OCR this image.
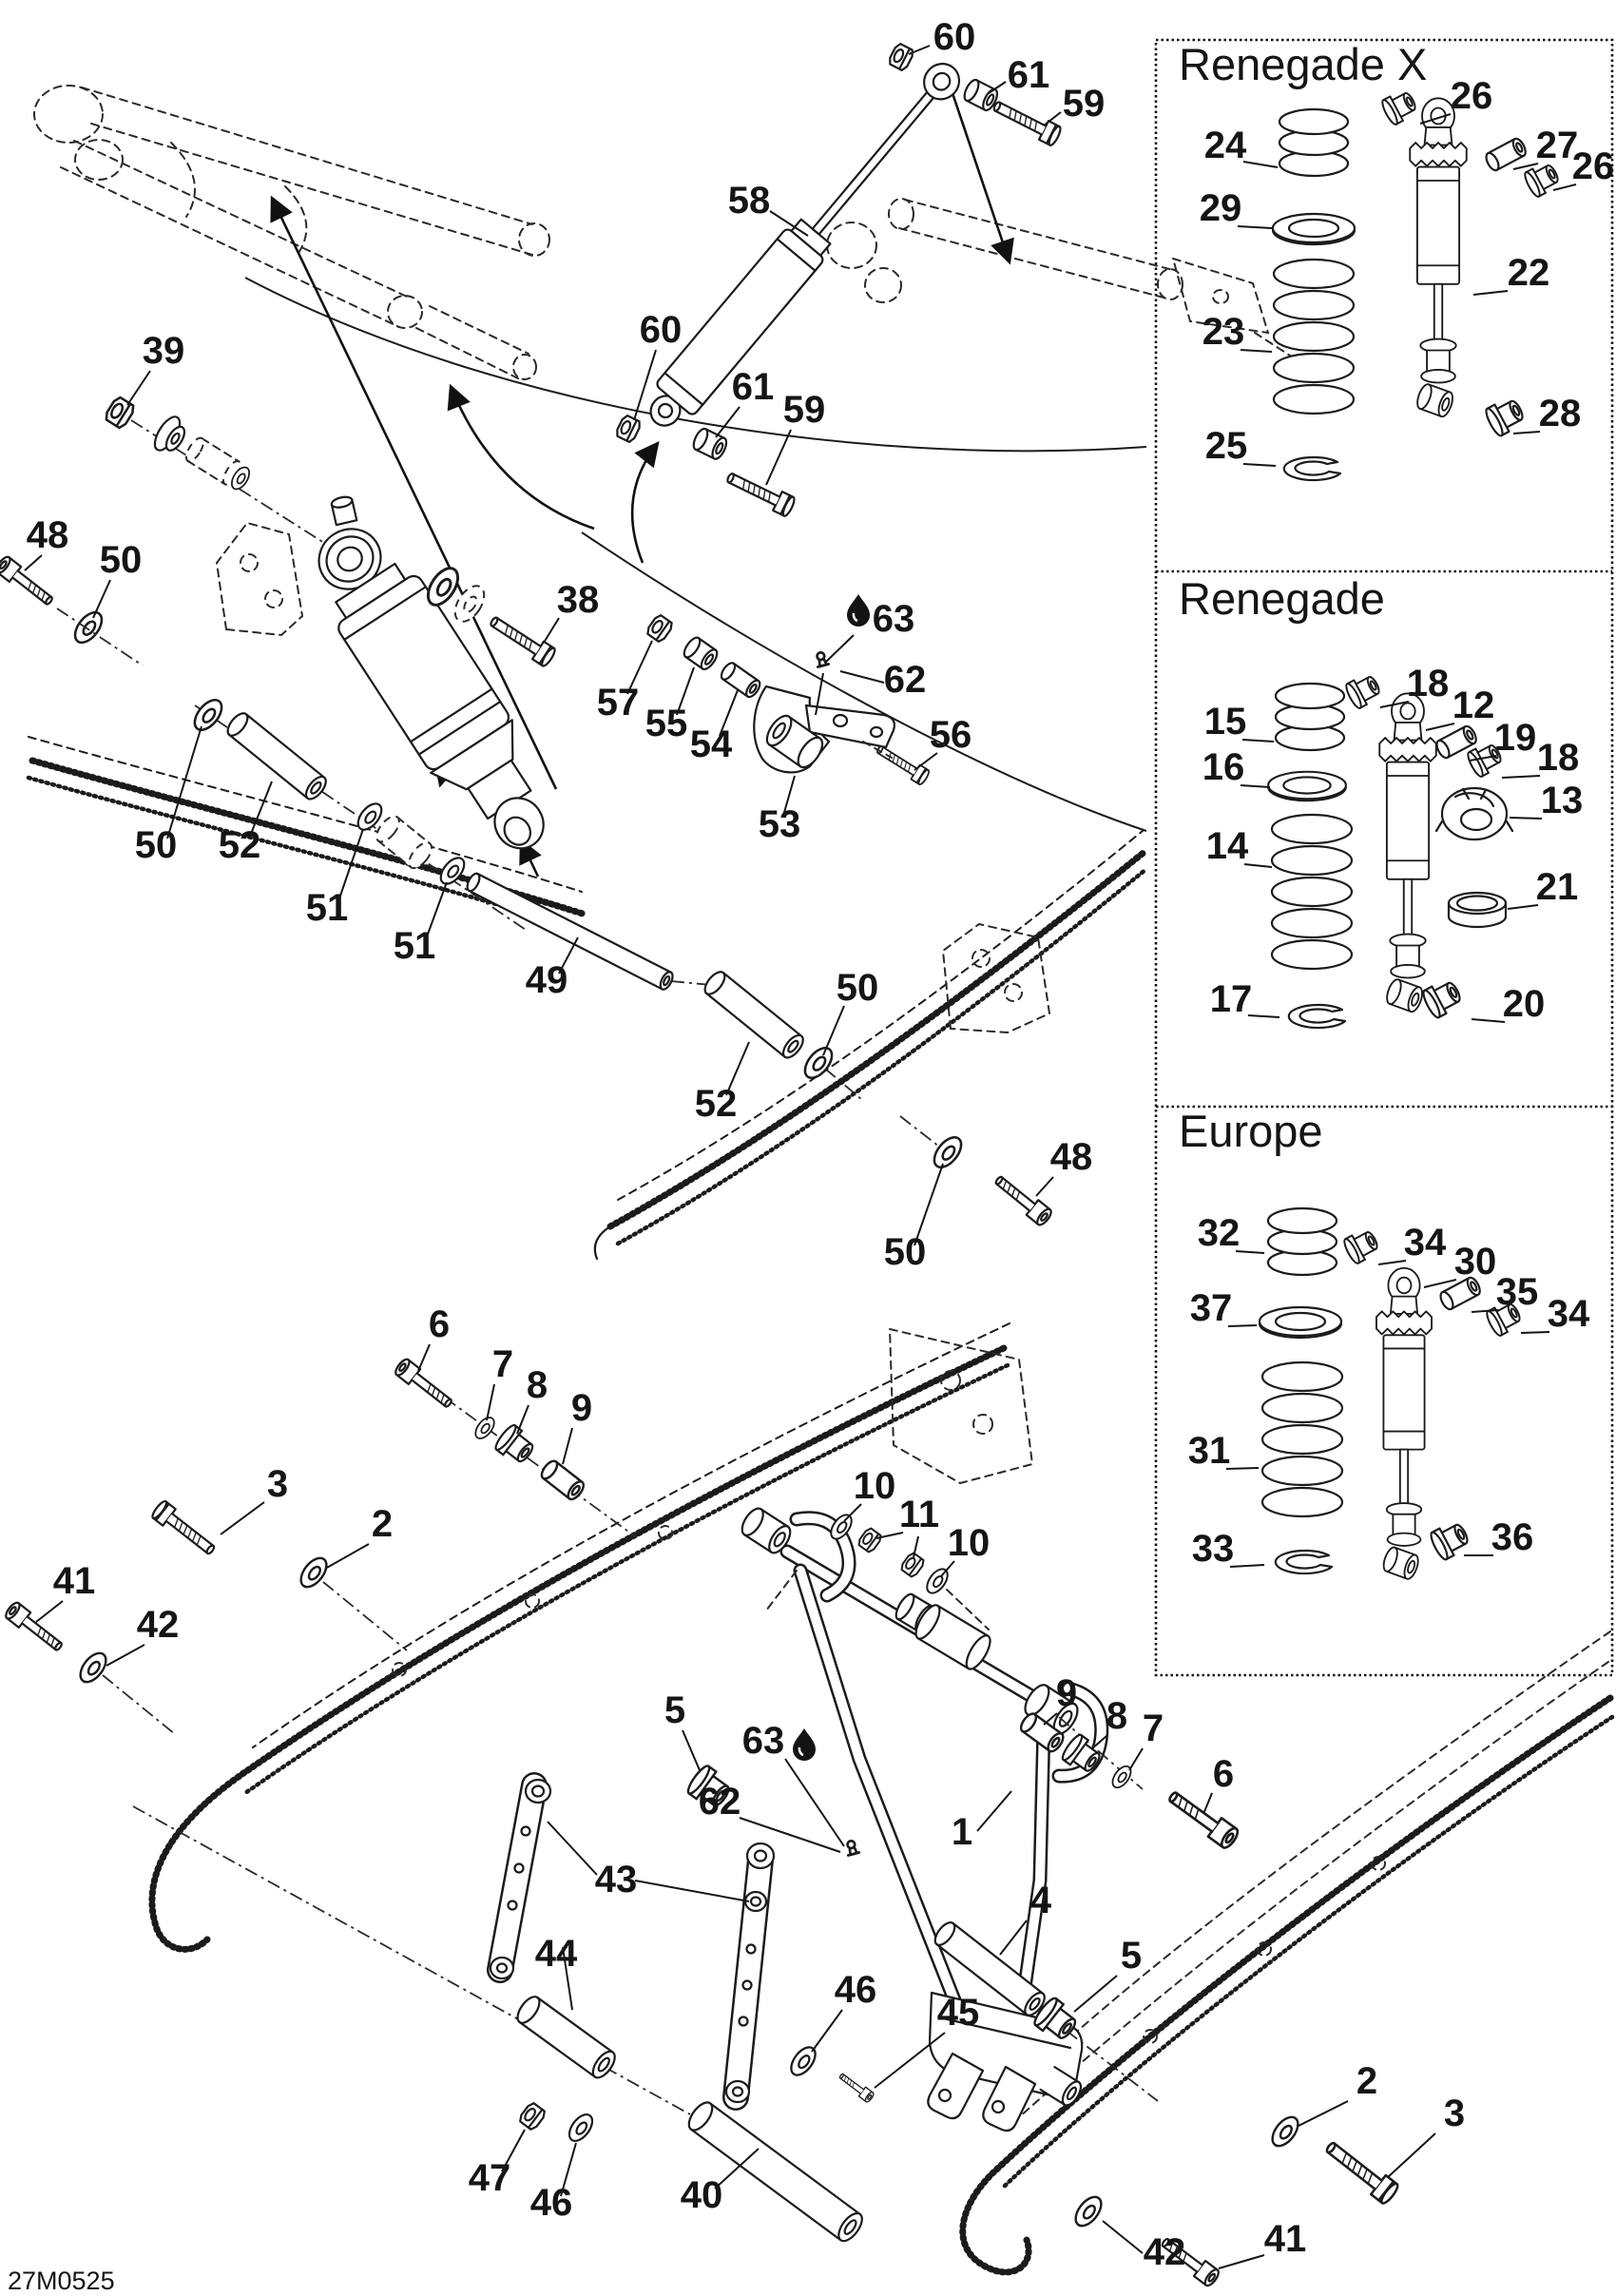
60
61
59
58
60
61
59
39
48
50
38
57 55 54
63
62
56
53
50 52
51
51
49	50
52
48
50
6
7 8
9
3
2
41
42
10
11
10
9
8 7
6
5
63
62
1
4
5
43
44
46
45
47
46	40
2
3
42 41
26
24	27
26
29
22
23
28
25
18
12
19 18
15
16
13
14
21
17	20
32	34 30
35
34
37
31
33	36
Renegade X
Renegade
Europe
27M0525
